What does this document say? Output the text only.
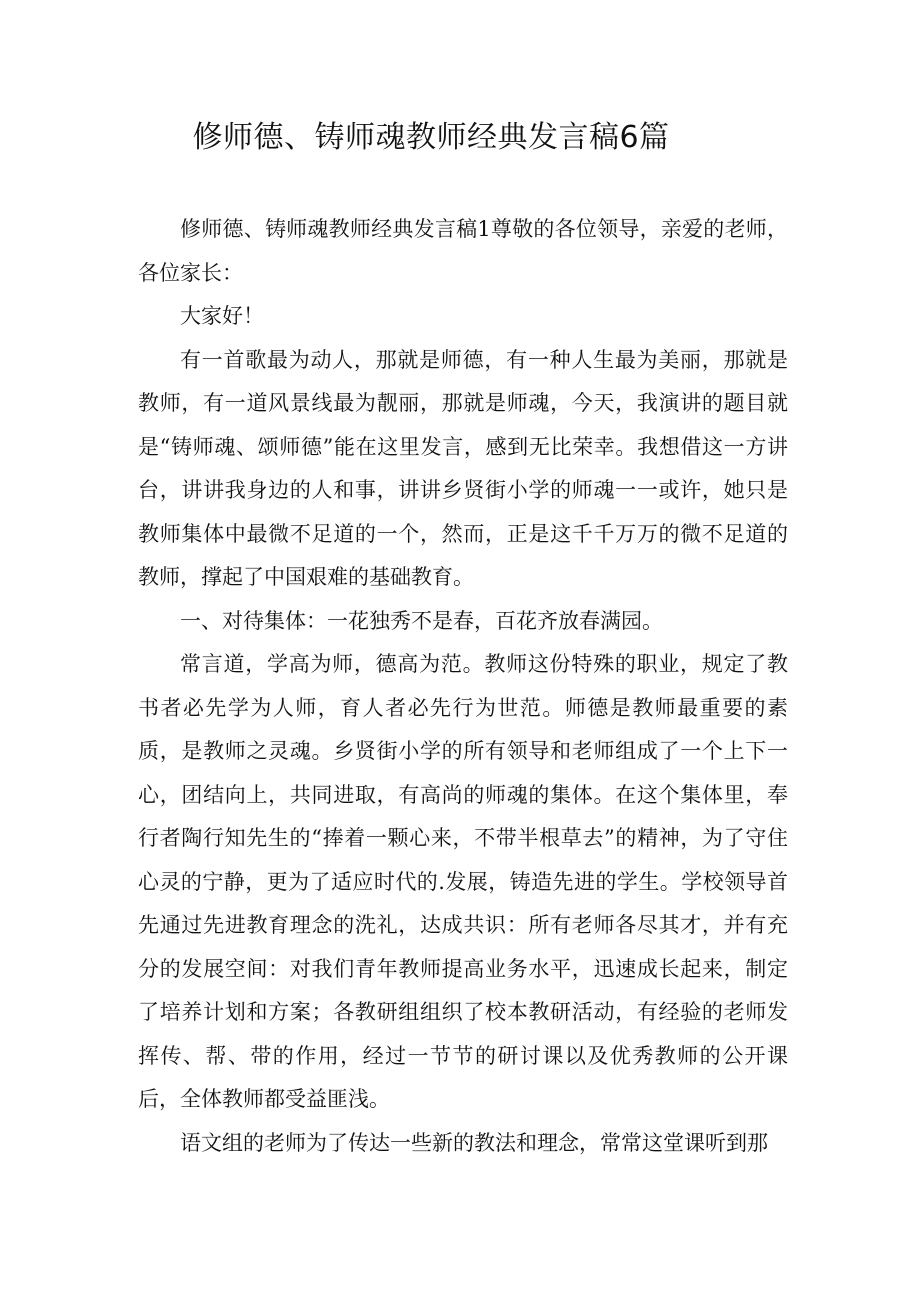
修师德、铸师魂教师经典发言稿6篇

修师德、铸师魂教师经典发言稿1尊敬的各位领导，亲爱的老师，各位家长：

大家好！

有一首歌最为动人，那就是师德，有一种人生最为美丽，那就是教师，有一道风景线最为靓丽，那就是师魂，今天，我演讲的题目就是“铸师魂、颂师德”能在这里发言，感到无比荣幸。我想借这一方讲台，讲讲我身边的人和事，讲讲乡贤街小学的师魂一一或许，她只是教师集体中最微不足道的一个，然而，正是这千千万万的微不足道的教师，撑起了中国艰难的基础教育。

一、对待集体：一花独秀不是春，百花齐放春满园。

常言道，学高为师，德高为范。教师这份特殊的职业，规定了教书者必先学为人师，育人者必先行为世范。师德是教师最重要的素质，是教师之灵魂。乡贤街小学的所有领导和老师组成了一个上下一心，团结向上，共同进取，有高尚的师魂的集体。在这个集体里，奉行者陶行知先生的“捧着一颗心来，不带半根草去”的精神，为了守住心灵的宁静，更为了适应时代的.发展，铸造先进的学生。学校领导首先通过先进教育理念的洗礼，达成共识：所有老师各尽其才，并有充分的发展空间：对我们青年教师提高业务水平，迅速成长起来，制定了培养计划和方案；各教研组组织了校本教研活动，有经验的老师发挥传、帮、带的作用，经过一节节的研讨课以及优秀教师的公开课后，全体教师都受益匪浅。

语文组的老师为了传达一些新的教法和理念，常常这堂课听到那
